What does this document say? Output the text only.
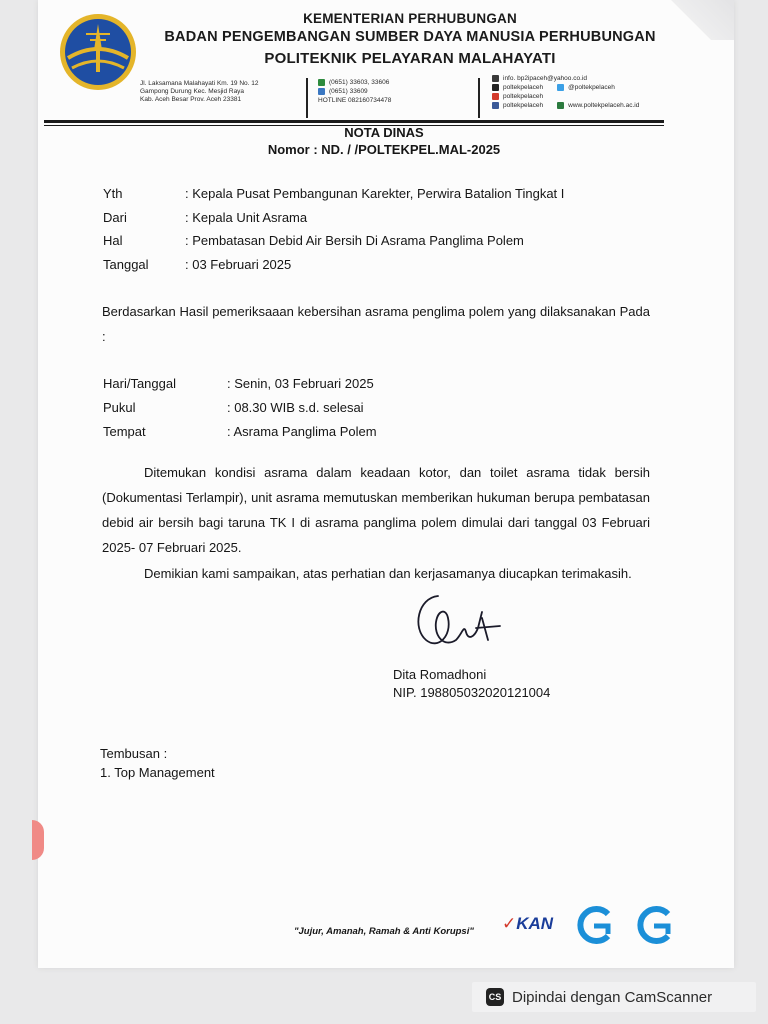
KEMENTERIAN PERHUBUNGAN
BADAN PENGEMBANGAN SUMBER DAYA MANUSIA PERHUBUNGAN
POLITEKNIK PELAYARAN MALAHAYATI
Jl. Laksamana Malahayati Km. 19 No. 12
Gampong Durung Kec. Mesjid Raya
Kab. Aceh Besar Prov. Aceh 23381
(0651) 33603, 33606
(0651) 33609
HOTLINE 082160734478
info. bp2ipaceh@yahoo.co.id
poltekpelaceh	@poltekpelaceh
poltekpelaceh
poltekpelaceh	www.poltekpelaceh.ac.id
NOTA DINAS
Nomor : ND. / /POLTEKPEL.MAL-2025
Yth	: Kepala Pusat Pembangunan Karekter, Perwira Batalion Tingkat I
Dari	: Kepala Unit Asrama
Hal	: Pembatasan Debid Air Bersih Di Asrama Panglima Polem
Tanggal	: 03 Februari 2025
Berdasarkan Hasil pemeriksaaan kebersihan asrama penglima polem yang dilaksanakan Pada :
Hari/Tanggal	: Senin, 03 Februari 2025
Pukul	: 08.30 WIB s.d. selesai
Tempat	: Asrama Panglima Polem
Ditemukan kondisi asrama dalam keadaan kotor, dan toilet asrama tidak bersih (Dokumentasi Terlampir), unit asrama memutuskan memberikan hukuman berupa pembatasan debid air bersih bagi taruna TK I di asrama panglima polem dimulai dari tanggal 03 Februari 2025- 07 Februari 2025.
Demikian kami sampaikan, atas perhatian dan kerjasamanya diucapkan terimakasih.
Dita Romadhoni
NIP. 198805032020121004
Tembusan :
1. Top Management
"Jujur, Amanah, Ramah & Anti Korupsi" ✓KAN
CS Dipindai dengan CamScanner
